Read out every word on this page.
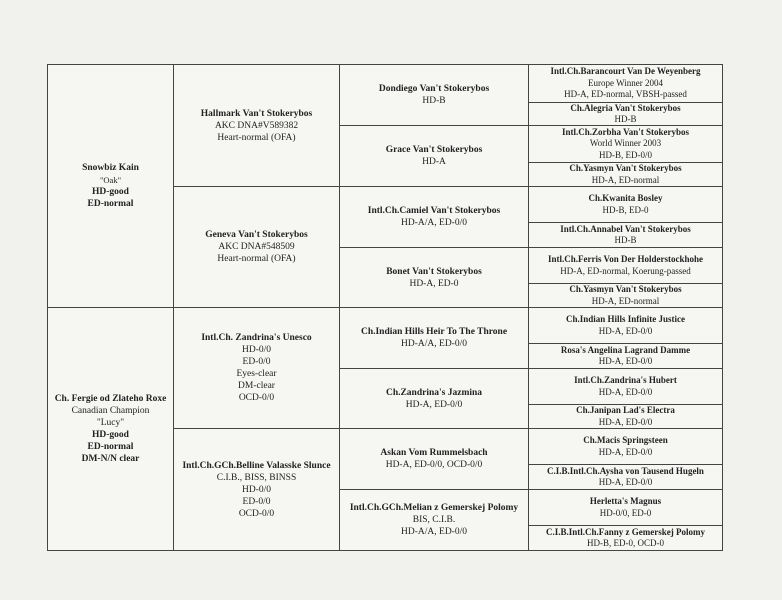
Snowbiz Kain
"Oak"
HD-good
ED-normal
Ch. Fergie od Zlateho Roxe
Canadian Champion
"Lucy"
HD-good
ED-normal
DM-N/N clear
Hallmark Van't Stokerybos
AKC DNA#V589382
Heart-normal (OFA)
Geneva Van't Stokerybos
AKC DNA#548509
Heart-normal (OFA)
Intl.Ch. Zandrina's Unesco
HD-0/0
ED-0/0
Eyes-clear
DM-clear
OCD-0/0
Intl.Ch.GCh.Belline Valasske Slunce
C.I.B., BISS, BINSS
HD-0/0
ED-0/0
OCD-0/0
Dondiego Van't Stokerybos
HD-B
Grace Van't Stokerybos
HD-A
Intl.Ch.Camiel Van't Stokerybos
HD-A/A, ED-0/0
Bonet Van't Stokerybos
HD-A, ED-0
Ch.Indian Hills Heir To The Throne
HD-A/A, ED-0/0
Ch.Zandrina's Jazmina
HD-A, ED-0/0
Askan Vom Rummelsbach
HD-A, ED-0/0, OCD-0/0
Intl.Ch.GCh.Melian z Gemerskej Polomy
BIS, C.I.B.
HD-A/A, ED-0/0
Intl.Ch.Barancourt Van De Weyenberg
Europe Winner 2004
HD-A, ED-normal, VBSH-passed
Ch.Alegria Van't Stokerybos
HD-B
Intl.Ch.Zorbha Van't Stokerybos
World Winner 2003
HD-B, ED-0/0
Ch.Yasmyn Van't Stokerybos
HD-A, ED-normal
Ch.Kwanita Bosley
HD-B, ED-0
Intl.Ch.Annabel Van't Stokerybos
HD-B
Intl.Ch.Ferris Von Der Holderstockhohe
HD-A, ED-normal, Koerung-passed
Ch.Yasmyn Van't Stokerybos
HD-A, ED-normal
Ch.Indian Hills Infinite Justice
HD-A, ED-0/0
Rosa's Angelina Lagrand Damme
HD-A, ED-0/0
Intl.Ch.Zandrina's Hubert
HD-A, ED-0/0
Ch.Janipan Lad's Electra
HD-A, ED-0/0
Ch.Macis Springsteen
HD-A, ED-0/0
C.I.B.Intl.Ch.Aysha von Tausend Hugeln
HD-A, ED-0/0
Herletta's Magnus
HD-0/0, ED-0
C.I.B.Intl.Ch.Fanny z Gemerskej Polomy
HD-B, ED-0, OCD-0
